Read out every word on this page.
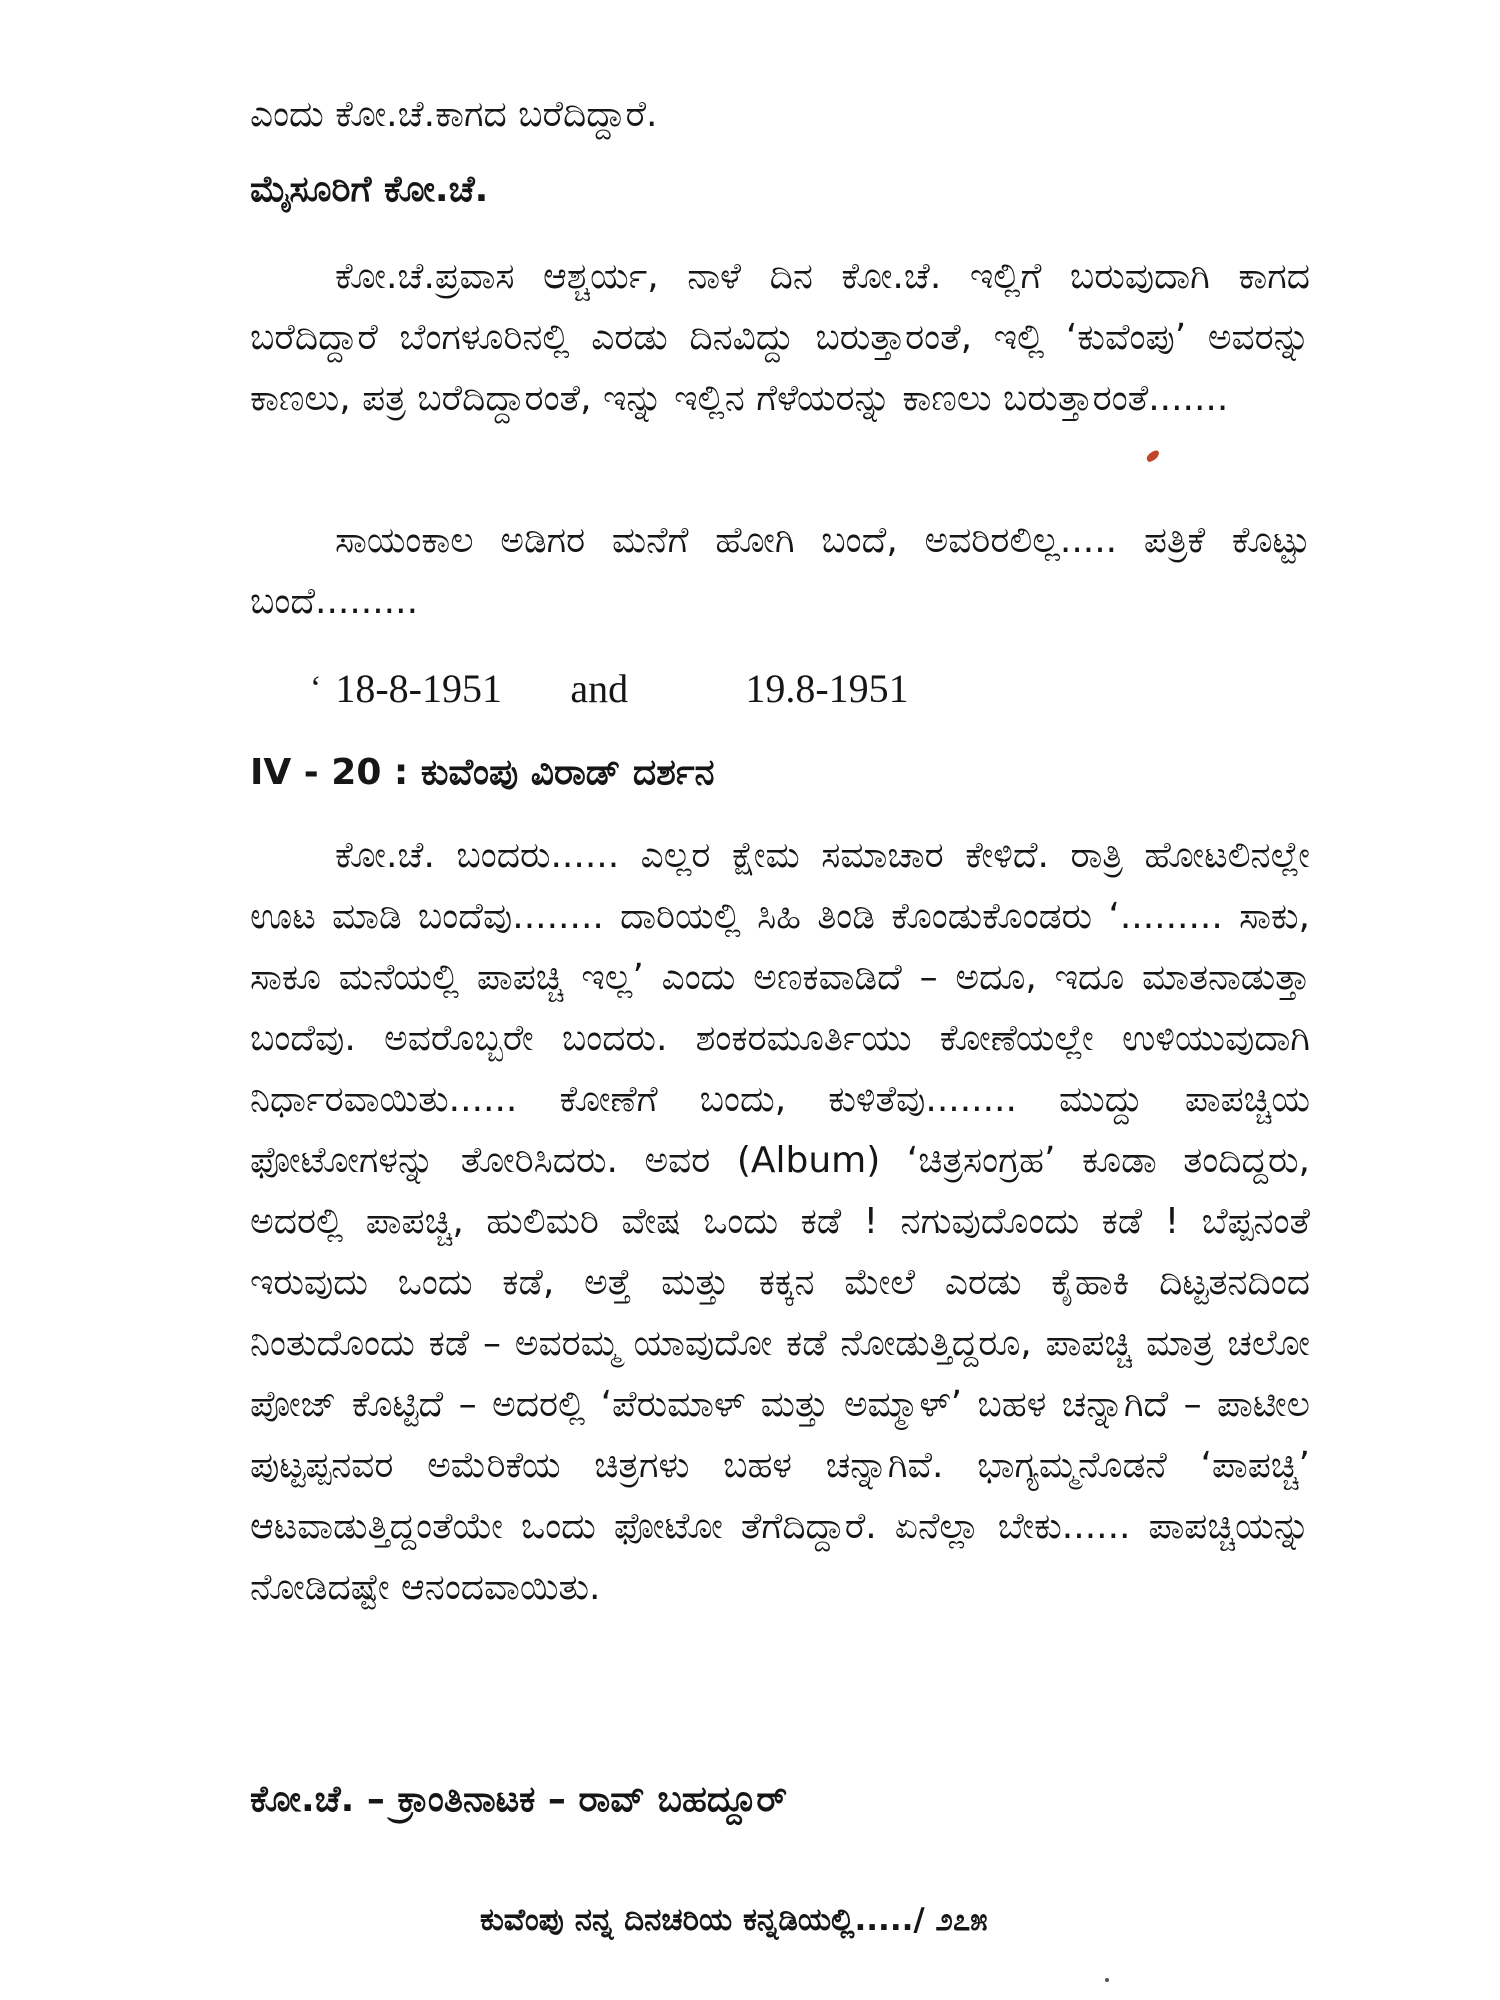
ಎಂದು ಕೋ.ಚೆ.ಕಾಗದ ಬರೆದಿದ್ದಾರೆ.

ಮೈಸೂರಿಗೆ ಕೋ.ಚೆ.

ಕೋ.ಚೆ.ಪ್ರವಾಸ ಆಶ್ಚರ್ಯ, ನಾಳೆ ದಿನ ಕೋ.ಚೆ. ಇಲ್ಲಿಗೆ ಬರುವುದಾಗಿ ಕಾಗದ ಬರೆದಿದ್ದಾರೆ ಬೆಂಗಳೂರಿನಲ್ಲಿ ಎರಡು ದಿನವಿದ್ದು ಬರುತ್ತಾರಂತೆ, ಇಲ್ಲಿ ‘ಕುವೆಂಪು’ ಅವರನ್ನು ಕಾಣಲು, ಪತ್ರ ಬರೆದಿದ್ದಾರಂತೆ, ಇನ್ನು ಇಲ್ಲಿನ ಗೆಳೆಯರನ್ನು ಕಾಣಲು ಬರುತ್ತಾರಂತೆ.......

ಸಾಯಂಕಾಲ ಅಡಿಗರ ಮನೆಗೆ ಹೋಗಿ ಬಂದೆ, ಅವರಿರಲಿಲ್ಲ..... ಪತ್ರಿಕೆ ಕೊಟ್ಟು ಬಂದೆ.........

‘ 18-8-1951 and	19.8-1951

IV - 20 : ಕುವೆಂಪು ವಿರಾಡ್ ದರ್ಶನ

ಕೋ.ಚೆ. ಬಂದರು...... ಎಲ್ಲರ ಕ್ಷೇಮ ಸಮಾಚಾರ ಕೇಳಿದೆ. ರಾತ್ರಿ ಹೋಟಲಿನಲ್ಲೇ ಊಟ ಮಾಡಿ ಬಂದೆವು........ ದಾರಿಯಲ್ಲಿ ಸಿಹಿ ತಿಂಡಿ ಕೊಂಡುಕೊಂಡರು ‘......... ಸಾಕು, ಸಾಕೂ ಮನೆಯಲ್ಲಿ ಪಾಪಚ್ಚಿ ಇಲ್ಲ’ ಎಂದು ಅಣಕವಾಡಿದೆ – ಅದೂ, ಇದೂ ಮಾತನಾಡುತ್ತಾ ಬಂದೆವು. ಅವರೊಬ್ಬರೇ ಬಂದರು. ಶಂಕರಮೂರ್ತಿಯು ಕೋಣೆಯಲ್ಲೇ ಉಳಿಯುವುದಾಗಿ ನಿರ್ಧಾರವಾಯಿತು...... ಕೋಣೆಗೆ ಬಂದು, ಕುಳಿತೆವು........ ಮುದ್ದು ಪಾಪಚ್ಚಿಯ ಫೋಟೋಗಳನ್ನು ತೋರಿಸಿದರು. ಅವರ (Album) ‘ಚಿತ್ರಸಂಗ್ರಹ’ ಕೂಡಾ ತಂದಿದ್ದರು, ಅದರಲ್ಲಿ ಪಾಪಚ್ಚಿ, ಹುಲಿಮರಿ ವೇಷ ಒಂದು ಕಡೆ ! ನಗುವುದೊಂದು ಕಡೆ ! ಬೆಪ್ಪನಂತೆ ಇರುವುದು ಒಂದು ಕಡೆ, ಅತ್ತೆ ಮತ್ತು ಕಕ್ಕನ ಮೇಲೆ ಎರಡು ಕೈಹಾಕಿ ದಿಟ್ಟತನದಿಂದ ನಿಂತುದೊಂದು ಕಡೆ – ಅವರಮ್ಮ ಯಾವುದೋ ಕಡೆ ನೋಡುತ್ತಿದ್ದರೂ, ಪಾಪಚ್ಚಿ ಮಾತ್ರ ಚಲೋ ಪೋಜ್ ಕೊಟ್ಟಿದೆ – ಅದರಲ್ಲಿ ‘ಪೆರುಮಾಳ್ ಮತ್ತು ಅಮ್ಮಾಳ್’ ಬಹಳ ಚನ್ನಾಗಿದೆ – ಪಾಟೀಲ ಪುಟ್ಟಪ್ಪನವರ ಅಮೆರಿಕೆಯ ಚಿತ್ರಗಳು ಬಹಳ ಚನ್ನಾಗಿವೆ. ಭಾಗ್ಯಮ್ಮನೊಡನೆ ‘ಪಾಪಚ್ಚಿ’ ಆಟವಾಡುತ್ತಿದ್ದಂತೆಯೇ ಒಂದು ಫೋಟೋ ತೆಗೆದಿದ್ದಾರೆ. ಏನೆಲ್ಲಾ ಬೇಕು...... ಪಾಪಚ್ಚಿಯನ್ನು ನೋಡಿದಷ್ಟೇ ಆನಂದವಾಯಿತು.

ಕೋ.ಚೆ. – ಕ್ರಾಂತಿನಾಟಕ – ರಾವ್ ಬಹದ್ದೂರ್

ಕುವೆಂಪು ನನ್ನ ದಿನಚರಿಯ ಕನ್ನಡಿಯಲ್ಲಿ...../ ೨೭೫
